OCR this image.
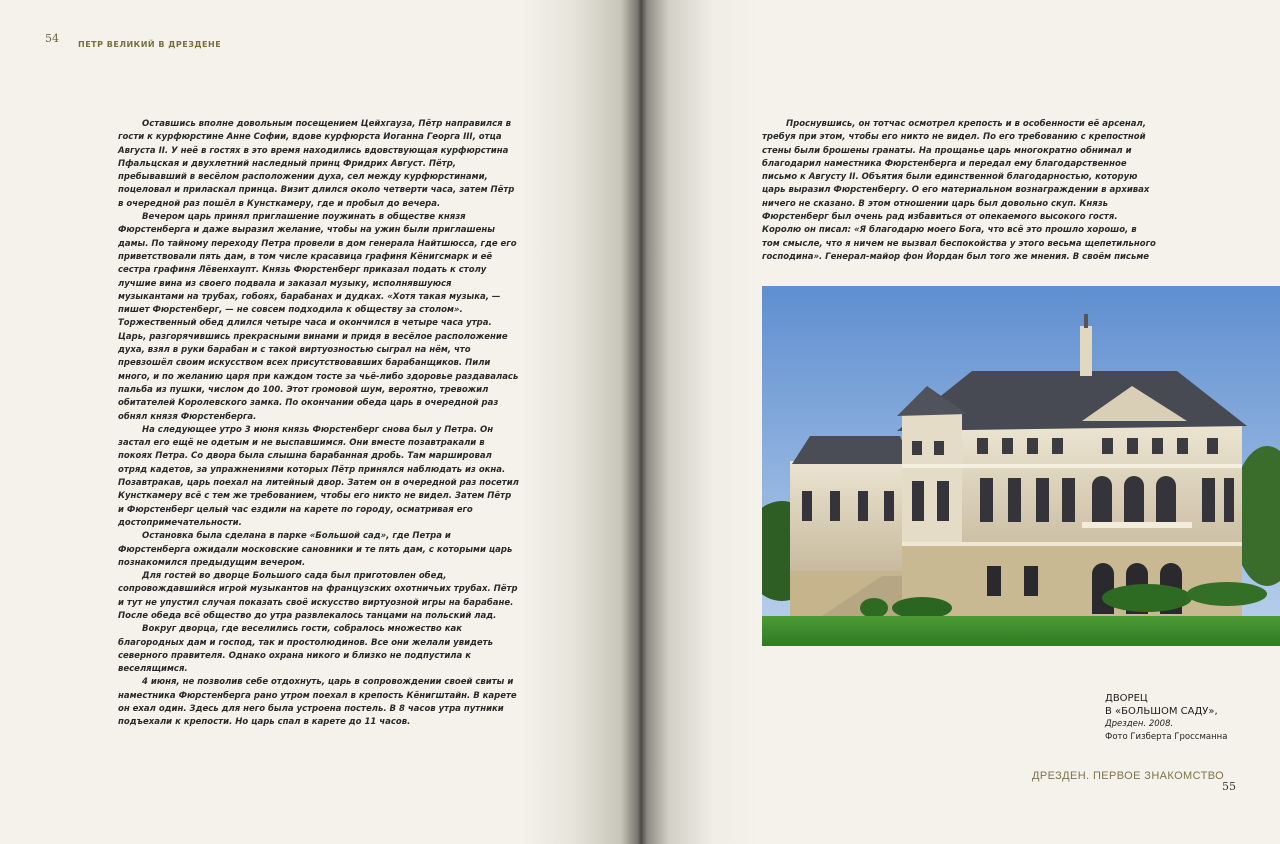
54 ПЕТР ВЕЛИКИЙ В ДРЕЗДЕНЕ

Оставшись вполне довольным посещением Цейхгауза, Пётр направился в гости к курфюрстине Анне Софии, вдове курфюрста Иоганна Георга III, отца Августа II. У неё в гостях в это время находились вдовствующая курфюрстина Пфальцская и двухлетний наследный принц Фридрих Август. Пётр, пребывавший в весёлом расположении духа, сел между курфюрстинами, поцеловал и приласкал принца. Визит длился около четверти часа, затем Пётр в очередной раз пошёл в Кунсткамеру, где и пробыл до вечера.

Вечером царь принял приглашение поужинать в обществе князя Фюрстенберга и даже выразил желание, чтобы на ужин были приглашены дамы. По тайному переходу Петра провели в дом генерала Найтшюсса, где его приветствовали пять дам, в том числе красавица графиня Кёнигсмарк и её сестра графиня Лёвенхаупт. Князь Фюрстенберг приказал подать к столу лучшие вина из своего подвала и заказал музыку, исполнявшуюся музыкантами на трубах, гобоях, барабанах и дудках. «Хотя такая музыка, — пишет Фюрстенберг, — не совсем подходила к обществу за столом». Торжественный обед длился четыре часа и окончился в четыре часа утра. Царь, разгорячившись прекрасными винами и придя в весёлое расположение духа, взял в руки барабан и с такой виртуозностью сыграл на нём, что превзошёл своим искусством всех присутствовавших барабанщиков. Пили много, и по желанию царя при каждом тосте за чьё-либо здоровье раздавалась пальба из пушки, числом до 100. Этот громовой шум, вероятно, тревожил обитателей Королевского замка. По окончании обеда царь в очередной раз обнял князя Фюрстенберга.

На следующее утро 3 июня князь Фюрстенберг снова был у Петра. Он застал его ещё не одетым и не выспавшимся. Они вместе позавтракали в покоях Петра. Со двора была слышна барабанная дробь. Там маршировал отряд кадетов, за упражнениями которых Пётр принялся наблюдать из окна. Позавтракав, царь поехал на литейный двор. Затем он в очередной раз посетил Кунсткамеру всё с тем же требованием, чтобы его никто не видел. Затем Пётр и Фюрстенберг целый час ездили на карете по городу, осматривая его достопримечательности.

Остановка была сделана в парке «Большой сад», где Петра и Фюрстенберга ожидали московские сановники и те пять дам, с которыми царь познакомился предыдущим вечером.

Для гостей во дворце Большого сада был приготовлен обед, сопровождавшийся игрой музыкантов на французских охотничьих трубах. Пётр и тут не упустил случая показать своё искусство виртуозной игры на барабане. После обеда всё общество до утра развлекалось танцами на польский лад.

Вокруг дворца, где веселились гости, собралось множество как благородных дам и господ, так и простолюдинов. Все они желали увидеть северного правителя. Однако охрана никого и близко не подпустила к веселящимся.

4 июня, не позволив себе отдохнуть, царь в сопровождении своей свиты и наместника Фюрстенберга рано утром поехал в крепость Кёнигштайн. В карете он ехал один. Здесь для него была устроена постель. В 8 часов утра путники подъехали к крепости. Но царь спал в карете до 11 часов.

Проснувшись, он тотчас осмотрел крепость и в особенности её арсенал, требуя при этом, чтобы его никто не видел. По его требованию с крепостной стены были брошены гранаты. На прощанье царь многократно обнимал и благодарил наместника Фюрстенберга и передал ему благодарственное письмо к Августу II. Объятия были единственной благодарностью, которую царь выразил Фюрстенбергу. О его материальном вознаграждении в архивах ничего не сказано. В этом отношении царь был довольно скуп. Князь Фюрстенберг был очень рад избавиться от опекаемого высокого гостя. Королю он писал: «Я благодарю моего Бога, что всё это прошло хорошо, в том смысле, что я ничем не вызвал беспокойства у этого весьма щепетильного господина». Генерал-майор фон Йордан был того же мнения. В своём письме

ДВОРЕЦ
В «БОЛЬШОМ САДУ»,
Дрезден. 2008.
Фото Гизберта Гроссманна
ДРЕЗДЕН. ПЕРВОЕ ЗНАКОМСТВО
55
